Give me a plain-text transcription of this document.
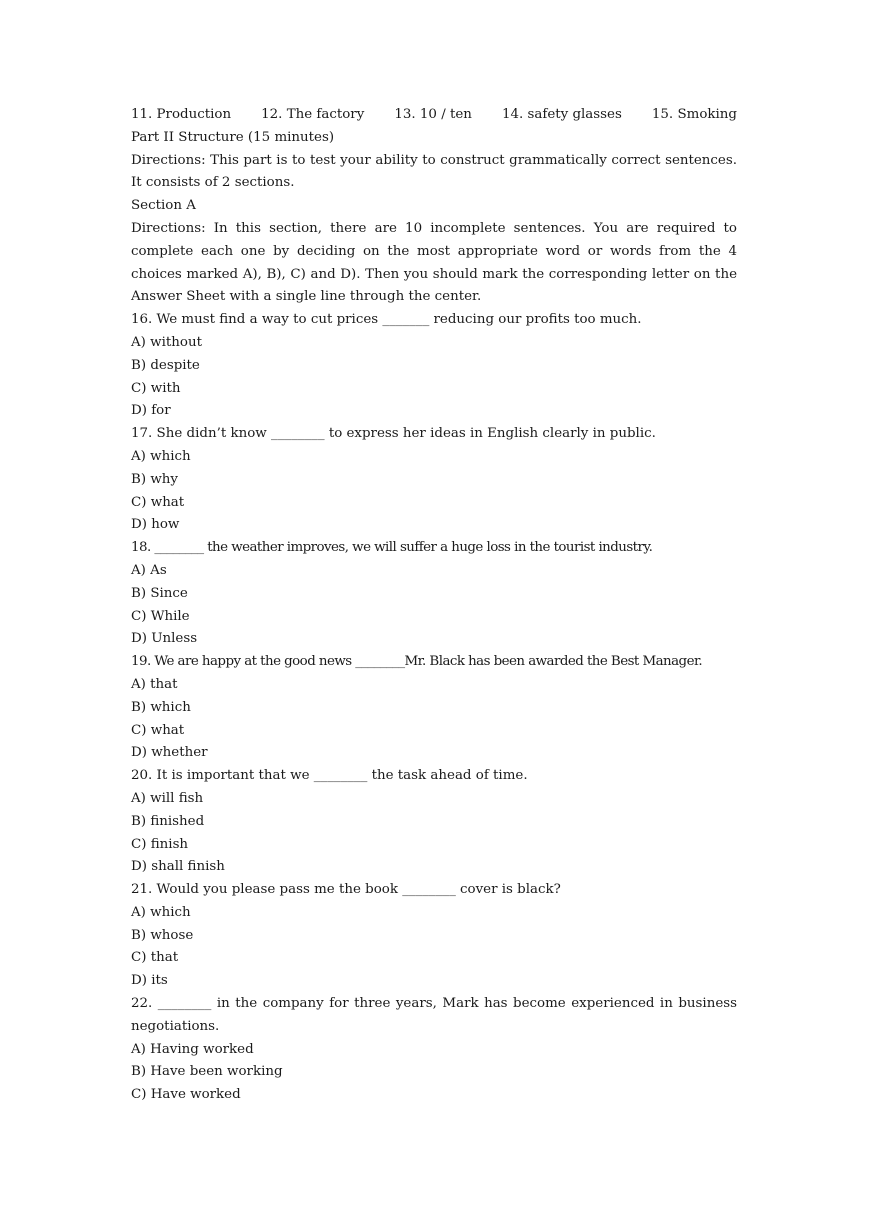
11. Production 12. The factory 13. 10 / ten 14. safety glasses 15. Smoking
Part II Structure (15 minutes)
Directions: This part is to test your ability to construct grammatically correct sentences. It consists of 2 sections.
Section A
Directions: In this section, there are 10 incomplete sentences. You are required to complete each one by deciding on the most appropriate word or words from the 4 choices marked A), B), C) and D). Then you should mark the corresponding letter on the Answer Sheet with a single line through the center.
16. We must find a way to cut prices _______ reducing our profits too much.
A) without
B) despite
C) with
D) for
17. She didn’t know ________ to express her ideas in English clearly in public.
A) which
B) why
C) what
D) how
18. ________ the weather improves, we will suffer a huge loss in the tourist industry.
A) As
B) Since
C) While
D) Unless
19. We are happy at the good news ________Mr. Black has been awarded the Best Manager.
A) that
B) which
C) what
D) whether
20. It is important that we ________ the task ahead of time.
A) will fish
B) finished
C) finish
D) shall finish
21. Would you please pass me the book ________ cover is black?
A) which
B) whose
C) that
D) its
22. ________ in the company for three years, Mark has become experienced in business negotiations.
A) Having worked
B) Have been working
C) Have worked
